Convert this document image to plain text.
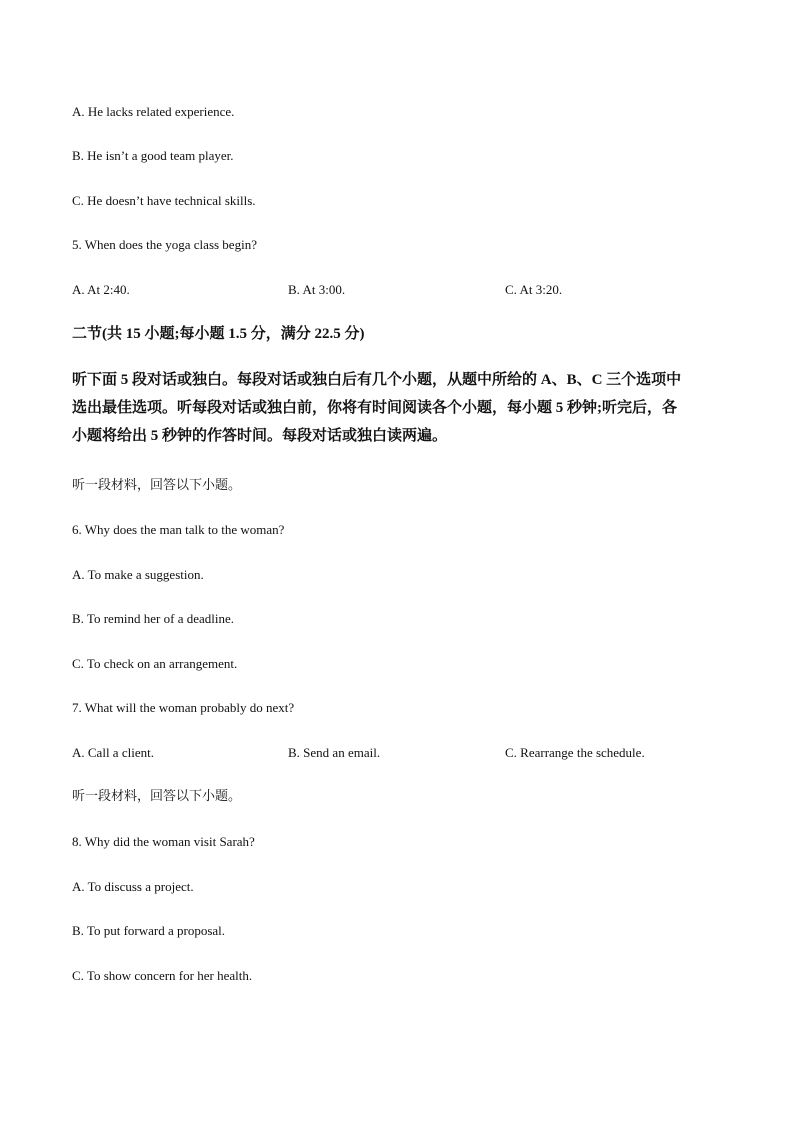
A. He lacks related experience.
B. He isn’t a good team player.
C. He doesn’t have technical skills.
5. When does the yoga class begin?
A. At 2:40.	B. At 3:00.	C. At 3:20.
二节(共 15 小题;每小题 1.5 分，满分 22.5 分)
听下面 5 段对话或独白。每段对话或独白后有几个小题，从题中所给的 A、B、C 三个选项中
选出最佳选项。听每段对话或独白前，你将有时间阅读各个小题，每小题 5 秒钟;听完后，各
小题将给出 5 秒钟的作答时间。每段对话或独白读两遍。
听一段材料，回答以下小题。
6. Why does the man talk to the woman?
A. To make a suggestion.
B. To remind her of a deadline.
C. To check on an arrangement.
7. What will the woman probably do next?
A. Call a client.	B. Send an email.	C. Rearrange the schedule.
听一段材料，回答以下小题。
8. Why did the woman visit Sarah?
A. To discuss a project.
B. To put forward a proposal.
C. To show concern for her health.
